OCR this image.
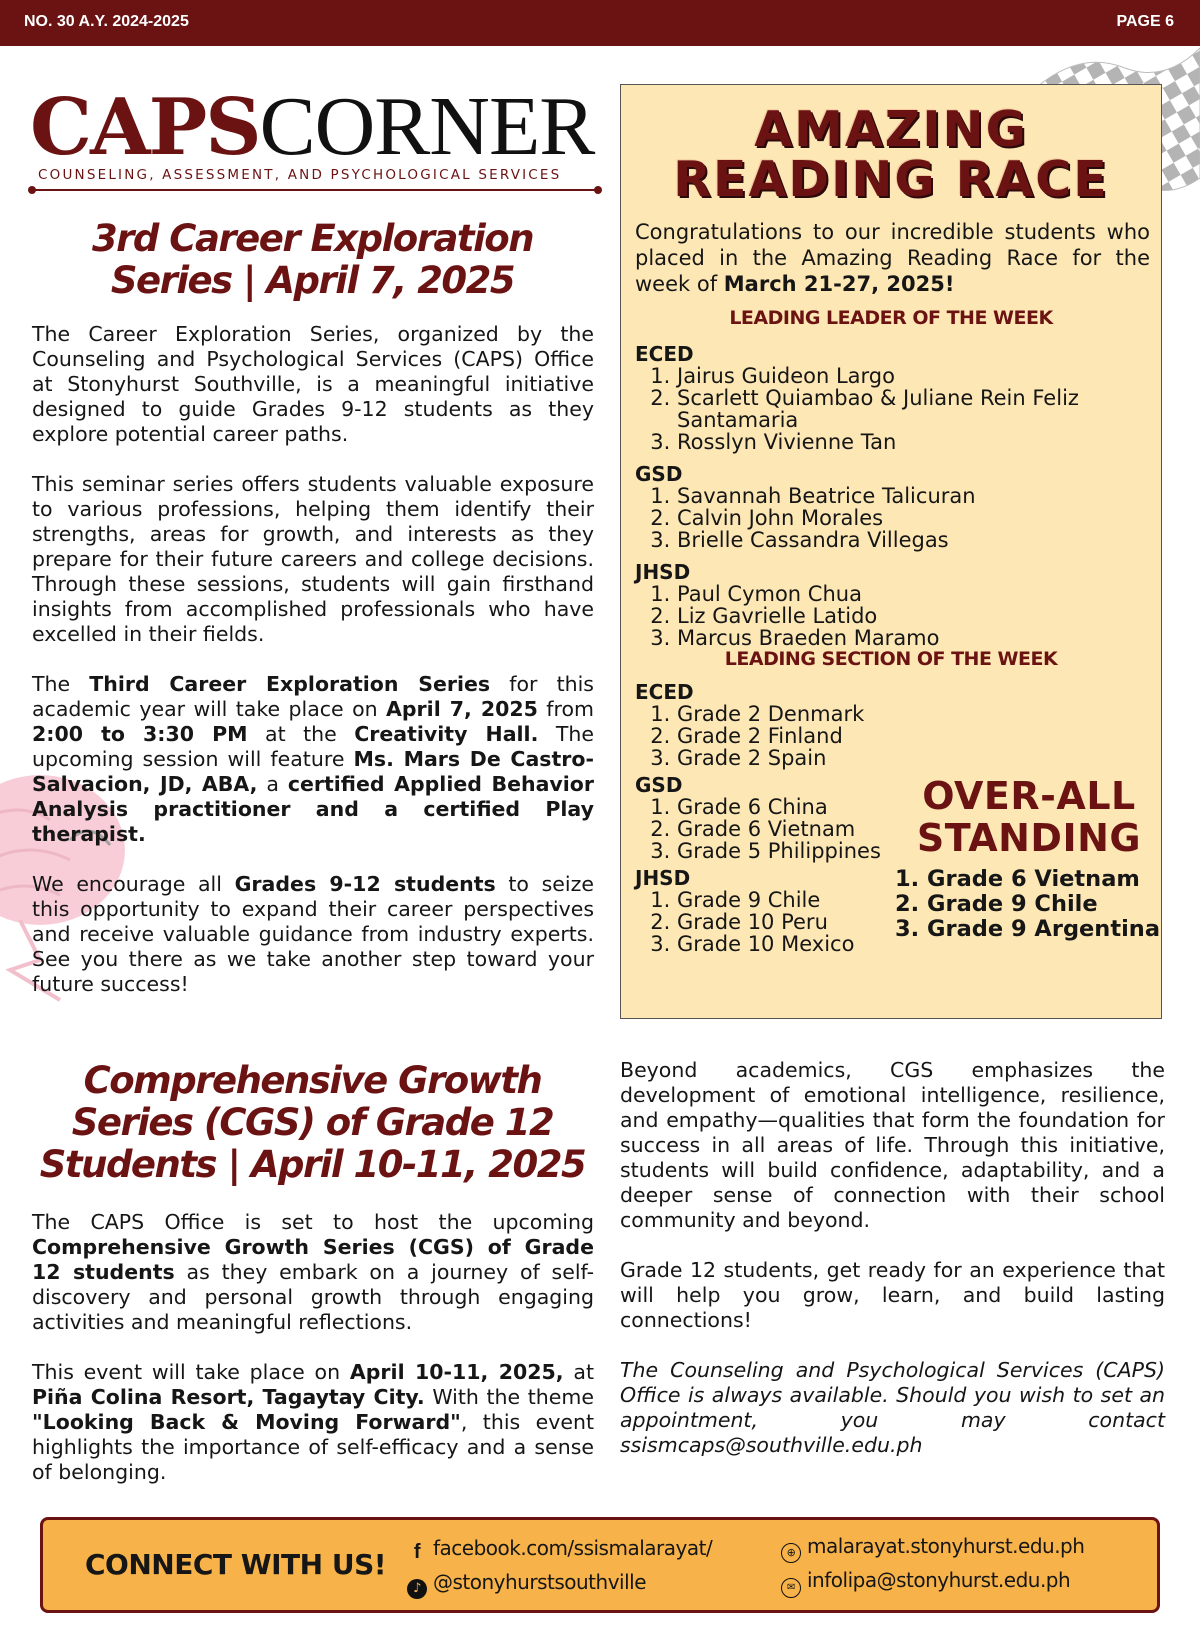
NO. 30 A.Y. 2024-2025	PAGE 6
CAPSCORNER
COUNSELING, ASSESSMENT, AND PSYCHOLOGICAL SERVICES
3rd Career Exploration
Series | April 7, 2025

The Career Exploration Series, organized by the Counseling and Psychological Services (CAPS) Office at Stonyhurst Southville, is a meaningful initiative designed to guide Grades 9-12 students as they explore potential career paths.

This seminar series offers students valuable exposure to various professions, helping them identify their strengths, areas for growth, and interests as they prepare for their future careers and college decisions. Through these sessions, students will gain firsthand insights from accomplished professionals who have excelled in their fields.

The Third Career Exploration Series for this academic year will take place on April 7, 2025 from 2:00 to 3:30 PM at the Creativity Hall. The upcoming session will feature Ms. Mars De Castro-Salvacion, JD, ABA, a certified Applied Behavior Analysis practitioner and a certified Play therapist.

We encourage all Grades 9-12 students to seize this opportunity to expand their career perspectives and receive valuable guidance from industry experts. See you there as we take another step toward your future success!

AMAZING
READING RACE
Congratulations to our incredible students who placed in the Amazing Reading Race for the week of March 21-27, 2025!
LEADING LEADER OF THE WEEK
ECED
1. Jairus Guideon Largo
2. Scarlett Quiambao & Juliane Rein Feliz Santamaria
3. Rosslyn Vivienne Tan
GSD
1. Savannah Beatrice Talicuran
2. Calvin John Morales
3. Brielle Cassandra Villegas
JHSD
1. Paul Cymon Chua
2. Liz Gavrielle Latido
3. Marcus Braeden Maramo
LEADING SECTION OF THE WEEK
ECED
1. Grade 2 Denmark
2. Grade 2 Finland
3. Grade 2 Spain
GSD
1. Grade 6 China
2. Grade 6 Vietnam
3. Grade 5 Philippines
JHSD
1. Grade 9 Chile
2. Grade 10 Peru
3. Grade 10 Mexico
OVER-ALL
STANDING
1. Grade 6 Vietnam
2. Grade 9 Chile
3. Grade 9 Argentina
Comprehensive Growth
Series (CGS) of Grade 12
Students | April 10-11, 2025

The CAPS Office is set to host the upcoming Comprehensive Growth Series (CGS) of Grade 12 students as they embark on a journey of self-discovery and personal growth through engaging activities and meaningful reflections.

This event will take place on April 10-11, 2025, at Piña Colina Resort, Tagaytay City. With the theme "Looking Back & Moving Forward", this event highlights the importance of self-efficacy and a sense of belonging.

Beyond academics, CGS emphasizes the development of emotional intelligence, resilience, and empathy—qualities that form the foundation for success in all areas of life. Through this initiative, students will build confidence, adaptability, and a deeper sense of connection with their school community and beyond.

Grade 12 students, get ready for an experience that will help you grow, learn, and build lasting connections!

The Counseling and Psychological Services (CAPS) Office is always available. Should you wish to set an appointment, you may contact ssismcaps@southville.edu.ph

CONNECT WITH US!	f facebook.com/ssismalarayat/
♪ @stonyhurstsouthville
⊕ malarayat.stonyhurst.edu.ph
✉ infolipa@stonyhurst.edu.ph
